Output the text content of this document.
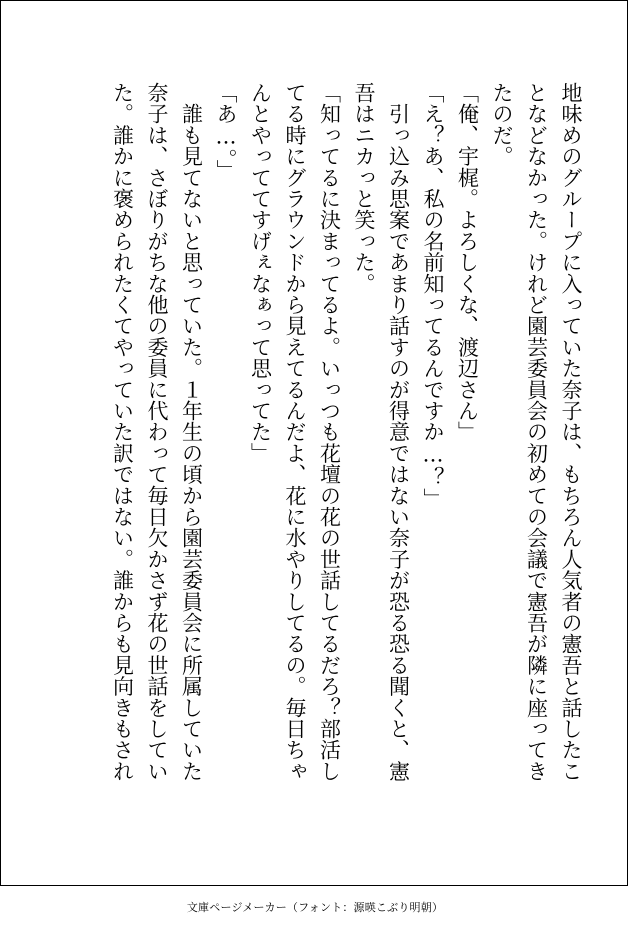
地味めのグループに入っていた奈子は、もちろん人気者の憲吾と話したこ
となどなかった。けれど園芸委員会の初めての会議で憲吾が隣に座ってき
たのだ。
「俺、宇梶。よろしくな、渡辺さん」
「え？あ、私の名前知ってるんですか…？」
　引っ込み思案であまり話すのが得意ではない奈子が恐る恐る聞くと、憲
吾はニカっと笑った。
「知ってるに決まってるよ。いっつも花壇の花の世話してるだろ？部活し
てる時にグラウンドから見えてるんだよ、花に水やりしてるの。毎日ちゃ
んとやっててすげぇなぁって思ってた」
「あ…。」
　誰も見てないと思っていた。１年生の頃から園芸委員会に所属していた
奈子は、さぼりがちな他の委員に代わって毎日欠かさず花の世話をしてい
た。誰かに褒められたくてやっていた訳ではない。誰からも見向きもされ
文庫ページメーカー（フォント：源暎こぶり明朝）
